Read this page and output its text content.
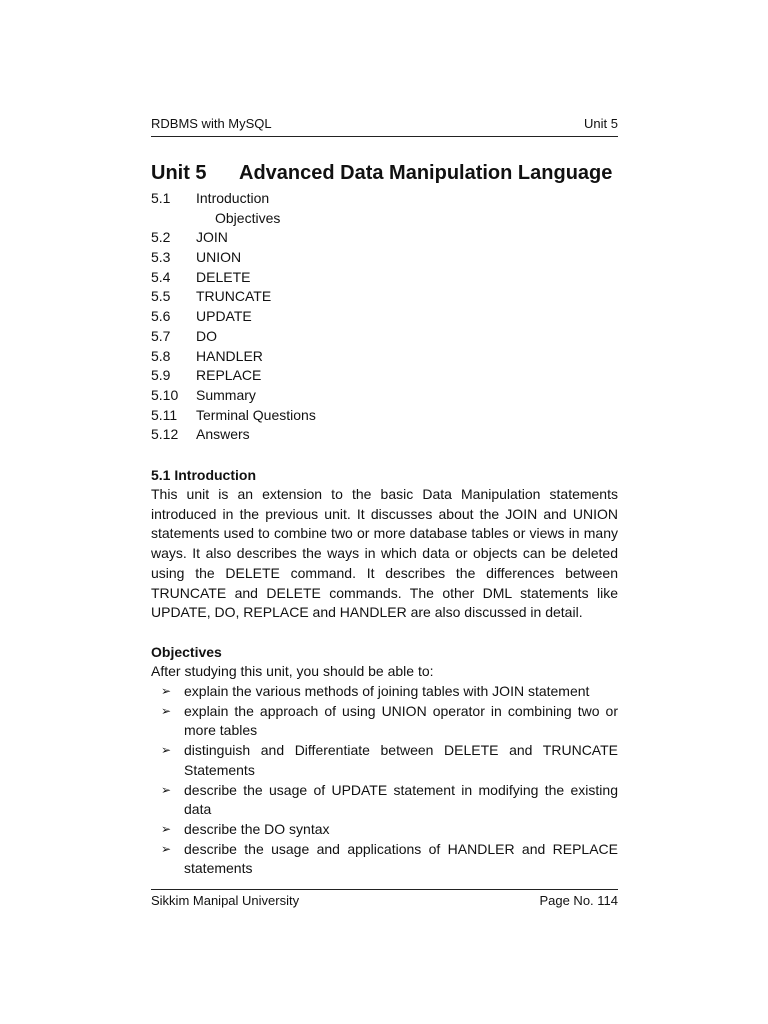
RDBMS with MySQL	Unit 5
Unit 5 Advanced Data Manipulation Language
5.1	Introduction
Objectives
5.2	JOIN
5.3	UNION
5.4	DELETE
5.5	TRUNCATE
5.6	UPDATE
5.7	DO
5.8	HANDLER
5.9	REPLACE
5.10	Summary
5.11	Terminal Questions
5.12	Answers
5.1 Introduction

This unit is an extension to the basic Data Manipulation statements introduced in the previous unit. It discusses about the JOIN and UNION statements used to combine two or more database tables or views in many ways. It also describes the ways in which data or objects can be deleted using the DELETE command. It describes the differences between TRUNCATE and DELETE commands. The other DML statements like UPDATE, DO, REPLACE and HANDLER are also discussed in detail.

Objectives
After studying this unit, you should be able to:
➢ explain the various methods of joining tables with JOIN statement
➢ explain the approach of using UNION operator in combining two or more tables
➢ distinguish and Differentiate between DELETE and TRUNCATE Statements
➢ describe the usage of UPDATE statement in modifying the existing data
➢ describe the DO syntax
➢ describe the usage and applications of HANDLER and REPLACE statements
Sikkim Manipal University	Page No. 114
